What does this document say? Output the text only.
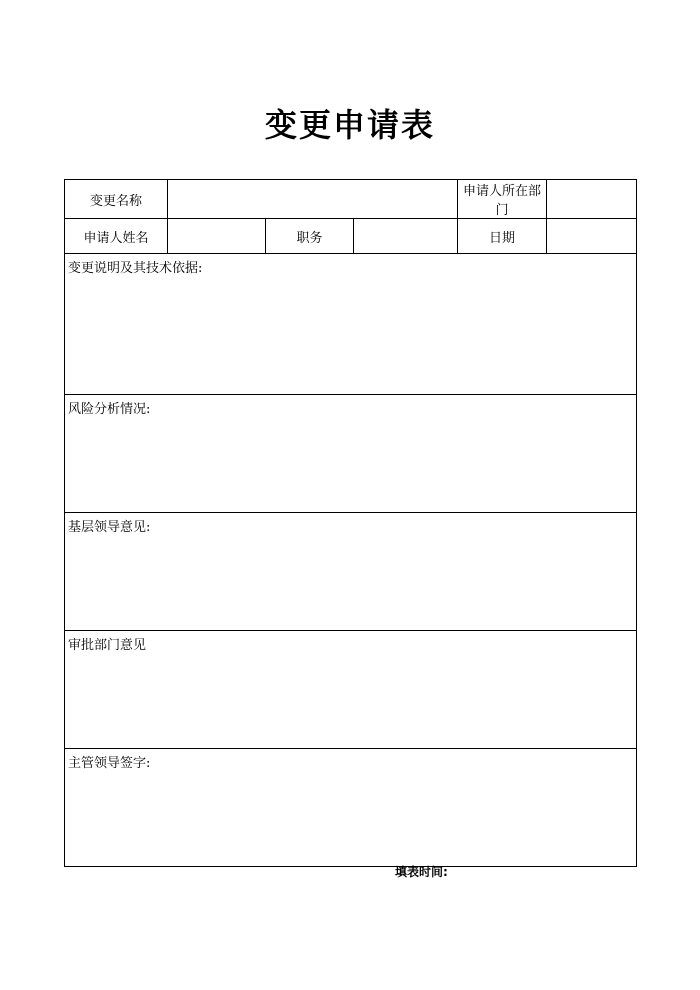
变更申请表
变更名称				申请人所在部门	
申请人姓名		职务		日期	
变更说明及其技术依据:					
风险分析情况:					
基层领导意见:					
审批部门意见					
主管领导签字:					
填表时间:
